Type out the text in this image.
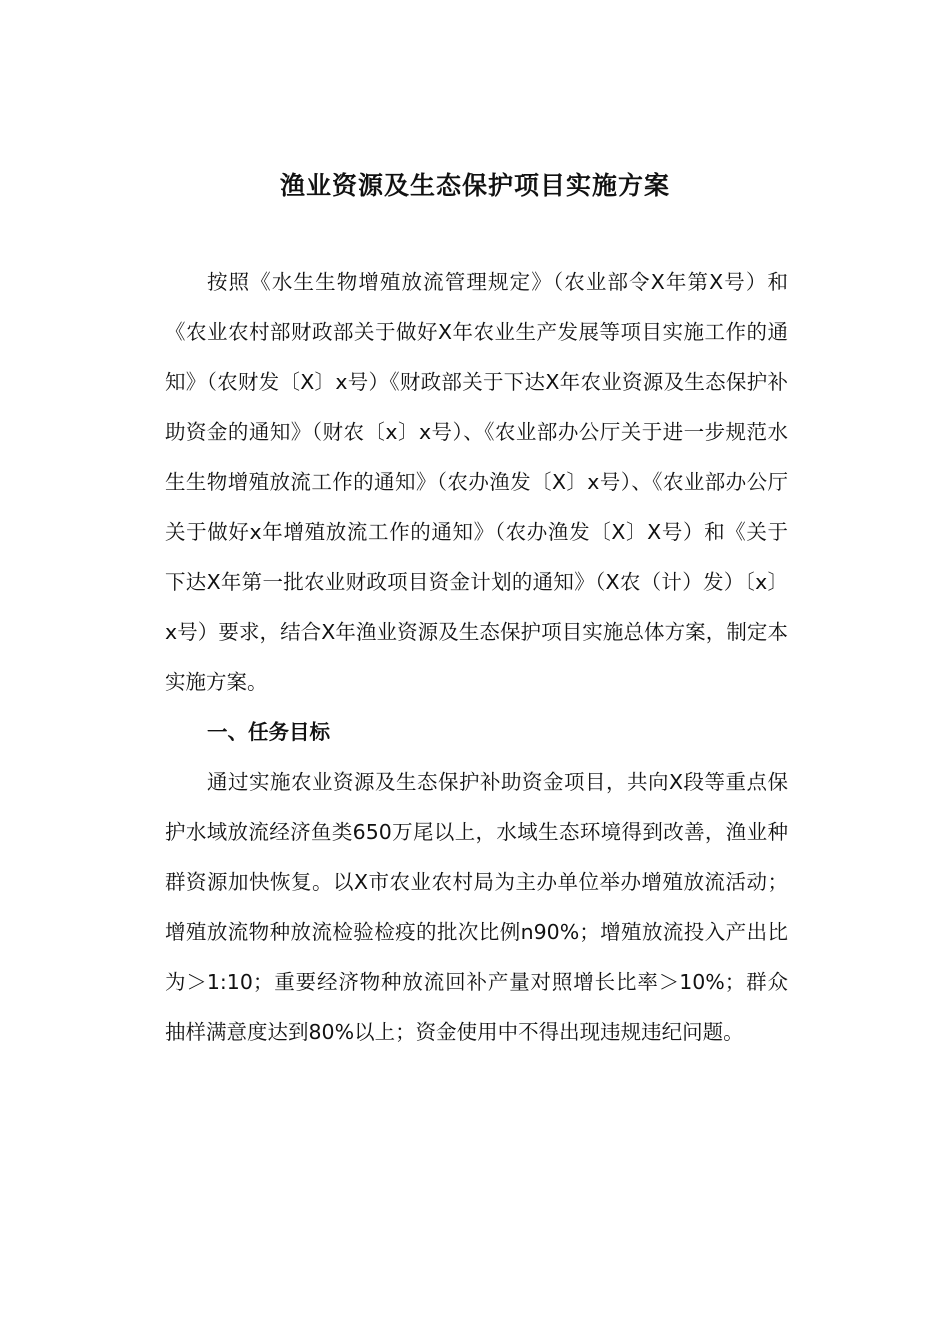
渔业资源及生态保护项目实施方案

按照《水生生物增殖放流管理规定》（农业部令X年第X号）和《农业农村部财政部关于做好X年农业生产发展等项目实施工作的通知》（农财发〔X〕x号）《财政部关于下达X年农业资源及生态保护补助资金的通知》（财农〔x〕x号）、《农业部办公厅关于进一步规范水生生物增殖放流工作的通知》（农办渔发〔X〕x号）、《农业部办公厅关于做好x年增殖放流工作的通知》（农办渔发〔X〕X号）和《关于下达X年第一批农业财政项目资金计划的通知》（X农（计）发）〔x〕x号）要求，结合X年渔业资源及生态保护项目实施总体方案，制定本实施方案。

一、任务目标

通过实施农业资源及生态保护补助资金项目，共向X段等重点保护水域放流经济鱼类650万尾以上，水域生态环境得到改善，渔业种群资源加快恢复。以X市农业农村局为主办单位举办增殖放流活动；增殖放流物种放流检验检疫的批次比例n90%；增殖放流投入产出比为＞1:10；重要经济物种放流回补产量对照增长比率＞10%；群众抽样满意度达到80%以上；资金使用中不得出现违规违纪问题。
